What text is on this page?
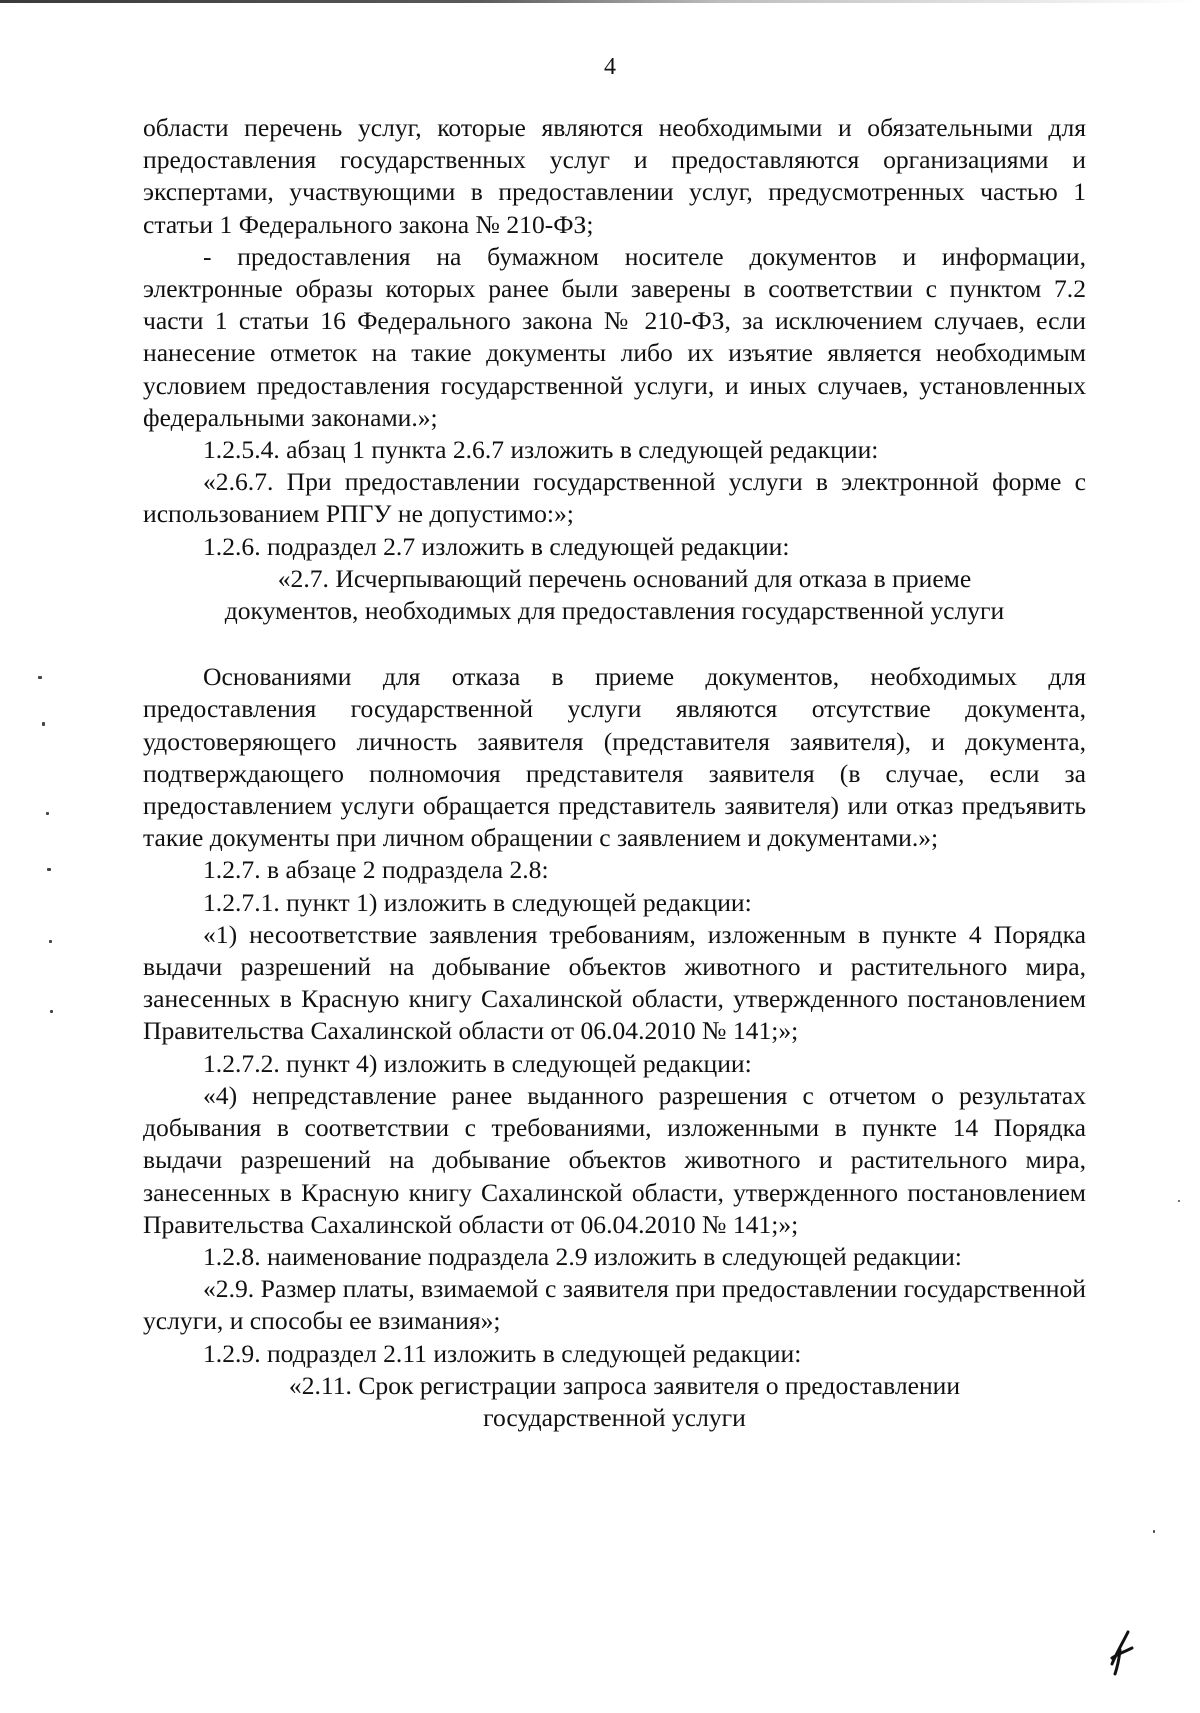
4

области перечень услуг, которые являются необходимыми и обязательными для предоставления государственных услуг и предоставляются организациями и экспертами, участвующими в предоставлении услуг, предусмотренных частью 1 статьи 1 Федерального закона № 210-ФЗ;

- предоставления на бумажном носителе документов и информации, электронные образы которых ранее были заверены в соответствии с пунктом 7.2 части 1 статьи 16 Федерального закона № 210-ФЗ, за исключением случаев, если нанесение отметок на такие документы либо их изъятие является необходимым условием предоставления государственной услуги, и иных случаев, установленных федеральными законами.»;

1.2.5.4. абзац 1 пункта 2.6.7 изложить в следующей редакции:

«2.6.7. При предоставлении государственной услуги в электронной форме с использованием РПГУ не допустимо:»;

1.2.6. подраздел 2.7 изложить в следующей редакции:

«2.7. Исчерпывающий перечень оснований для отказа в приеме

документов, необходимых для предоставления государственной услуги

Основаниями для отказа в приеме документов, необходимых для предоставления государственной услуги являются отсутствие документа, удостоверяющего личность заявителя (представителя заявителя), и документа, подтверждающего полномочия представителя заявителя (в случае, если за предоставлением услуги обращается представитель заявителя) или отказ предъявить такие документы при личном обращении с заявлением и документами.»;

1.2.7. в абзаце 2 подраздела 2.8:

1.2.7.1. пункт 1) изложить в следующей редакции:

«1) несоответствие заявления требованиям, изложенным в пункте 4 Порядка выдачи разрешений на добывание объектов животного и растительного мира, занесенных в Красную книгу Сахалинской области, утвержденного постановлением Правительства Сахалинской области от 06.04.2010 № 141;»;

1.2.7.2. пункт 4) изложить в следующей редакции:

«4) непредставление ранее выданного разрешения с отчетом о результатах добывания в соответствии с требованиями, изложенными в пункте 14 Порядка выдачи разрешений на добывание объектов животного и растительного мира, занесенных в Красную книгу Сахалинской области, утвержденного постановлением Правительства Сахалинской области от 06.04.2010 № 141;»;

1.2.8. наименование подраздела 2.9 изложить в следующей редакции:

«2.9. Размер платы, взимаемой с заявителя при предоставлении государственной услуги, и способы ее взимания»;

1.2.9. подраздел 2.11 изложить в следующей редакции:

«2.11. Срок регистрации запроса заявителя о предоставлении

государственной услуги
